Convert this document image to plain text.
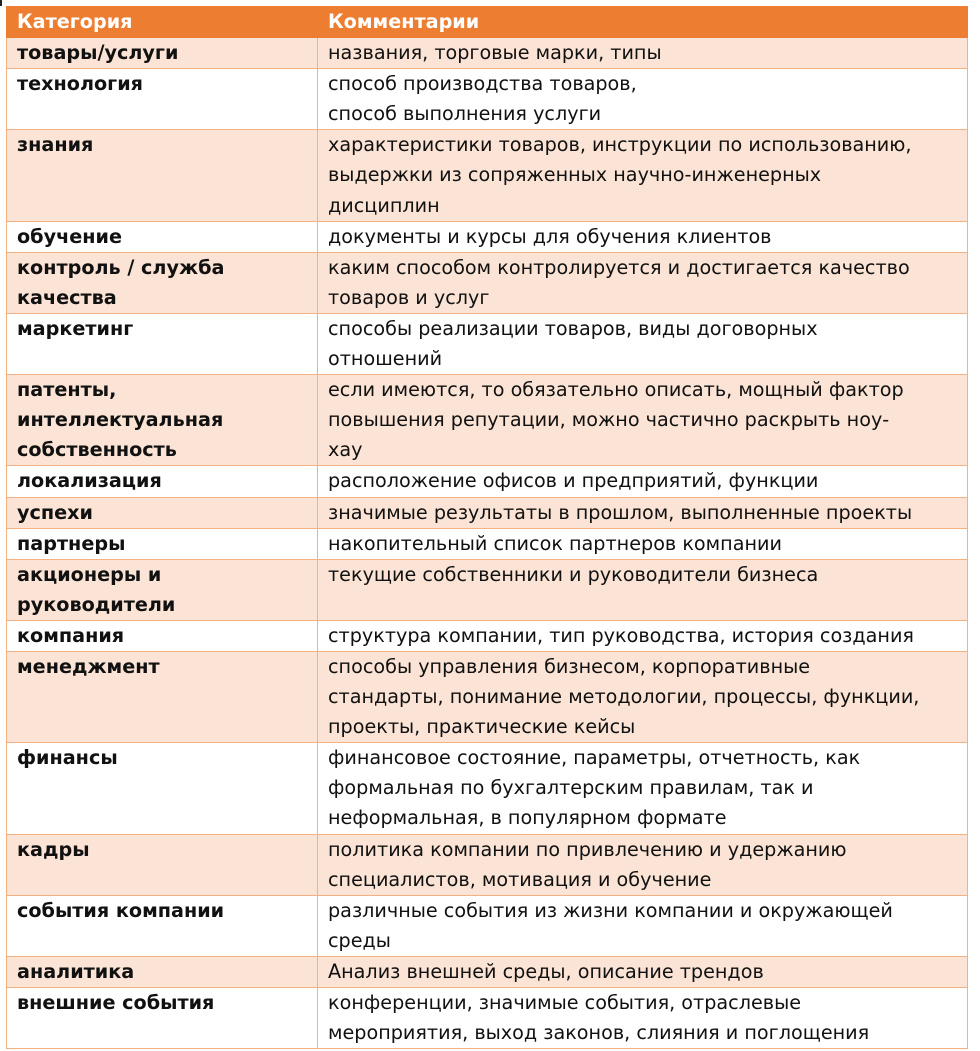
Категория	Комментарии

товары/услуги	названия, торговые марки, типы

технология	способ производства товаров,
способ выполнения услуги

знания	характеристики товаров, инструкции по использованию,
выдержки из сопряженных научно-инженерных
дисциплин

обучение	документы и курсы для обучения клиентов

контроль / служба
качества	каким способом контролируется и достигается качество
товаров и услуг

маркетинг	способы реализации товаров, виды договорных
отношений

патенты,
интеллектуальная
собственность	если имеются, то обязательно описать, мощный фактор
повышения репутации, можно частично раскрыть ноу-
хау

локализация	расположение офисов и предприятий, функции

успехи	значимые результаты в прошлом, выполненные проекты

партнеры	накопительный список партнеров компании

акционеры и
руководители	текущие собственники и руководители бизнеса

компания	структура компании, тип руководства, история создания

менеджмент	способы управления бизнесом, корпоративные
стандарты, понимание методологии, процессы, функции,
проекты, практические кейсы

финансы	финансовое состояние, параметры, отчетность, как
формальная по бухгалтерским правилам, так и
неформальная, в популярном формате

кадры	политика компании по привлечению и удержанию
специалистов, мотивация и обучение

события компании	различные события из жизни компании и окружающей
среды

аналитика	Анализ внешней среды, описание трендов

внешние события	конференции, значимые события, отраслевые
мероприятия, выход законов, слияния и поглощения
